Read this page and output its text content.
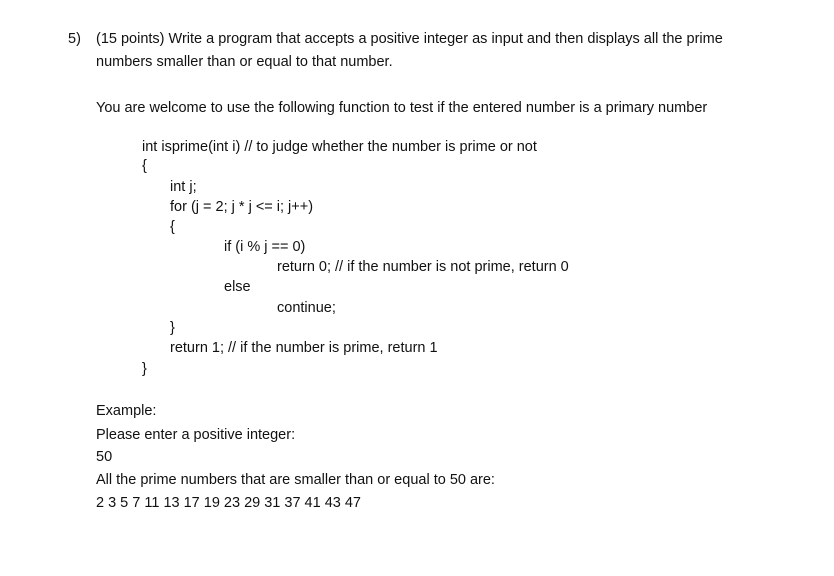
5) (15 points) Write a program that accepts a positive integer as input and then displays all the prime
numbers smaller than or equal to that number.
You are welcome to use the following function to test if the entered number is a primary number
int isprime(int i) // to judge whether the number is prime or not
{
int j;
for (j = 2; j * j <= i; j++)
{
if (i % j == 0)
return 0; // if the number is not prime, return 0
else
continue;
}
return 1; // if the number is prime, return 1
}
Example:
Please enter a positive integer:
50
All the prime numbers that are smaller than or equal to 50 are:
2 3 5 7 11 13 17 19 23 29 31 37 41 43 47
